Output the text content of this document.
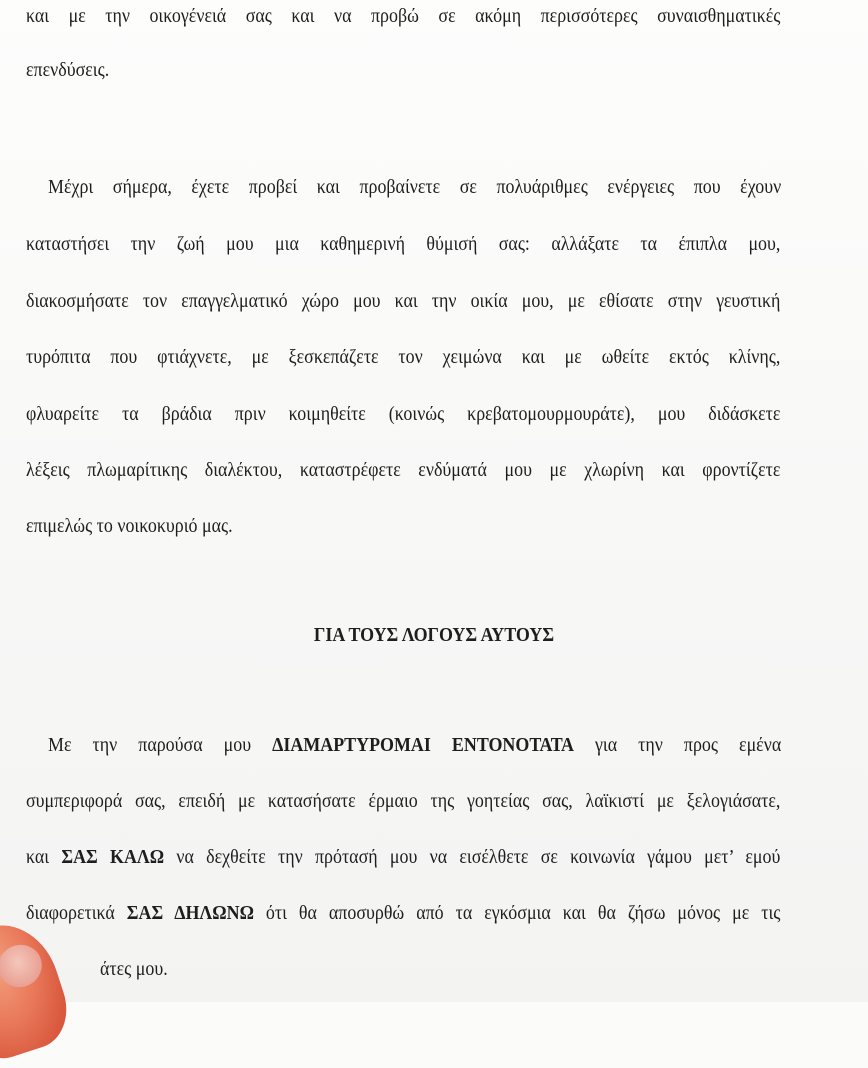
και με την οικογένειά σας και να προβώ σε ακόμη περισσότερες συναισθηματικές
επενδύσεις.
Μέχρι σήμερα, έχετε προβεί και προβαίνετε σε πολυάριθμες ενέργειες που έχουν
καταστήσει την ζωή μου μια καθημερινή θύμισή σας: αλλάξατε τα έπιπλα μου,
διακοσμήσατε τον επαγγελματικό χώρο μου και την οικία μου, με εθίσατε στην γευστική
τυρόπιτα που φτιάχνετε, με ξεσκεπάζετε τον χειμώνα και με ωθείτε εκτός κλίνης,
φλυαρείτε τα βράδια πριν κοιμηθείτε (κοινώς κρεβατομουρμουράτε), μου διδάσκετε
λέξεις πλωμαρίτικης διαλέκτου, καταστρέφετε ενδύματά μου με χλωρίνη και φροντίζετε
επιμελώς το νοικοκυριό μας.
ΓΙΑ ΤΟΥΣ ΛΟΓΟΥΣ ΑΥΤΟΥΣ
Με την παρούσα μου ΔΙΑΜΑΡΤΥΡΟΜΑΙ ΕΝΤΟΝΟΤΑΤΑ για την προς εμένα
συμπεριφορά σας, επειδή με κατασήσατε έρμαιο της γοητείας σας, λαϊκιστί με ξελογιάσατε,
και ΣΑΣ ΚΑΛΩ να δεχθείτε την πρότασή μου να εισέλθετε σε κοινωνία γάμου μετ’ εμού
διαφορετικά ΣΑΣ ΔΗΛΩΝΩ ότι θα αποσυρθώ από τα εγκόσμια και θα ζήσω μόνος με τις
άτες μου.
